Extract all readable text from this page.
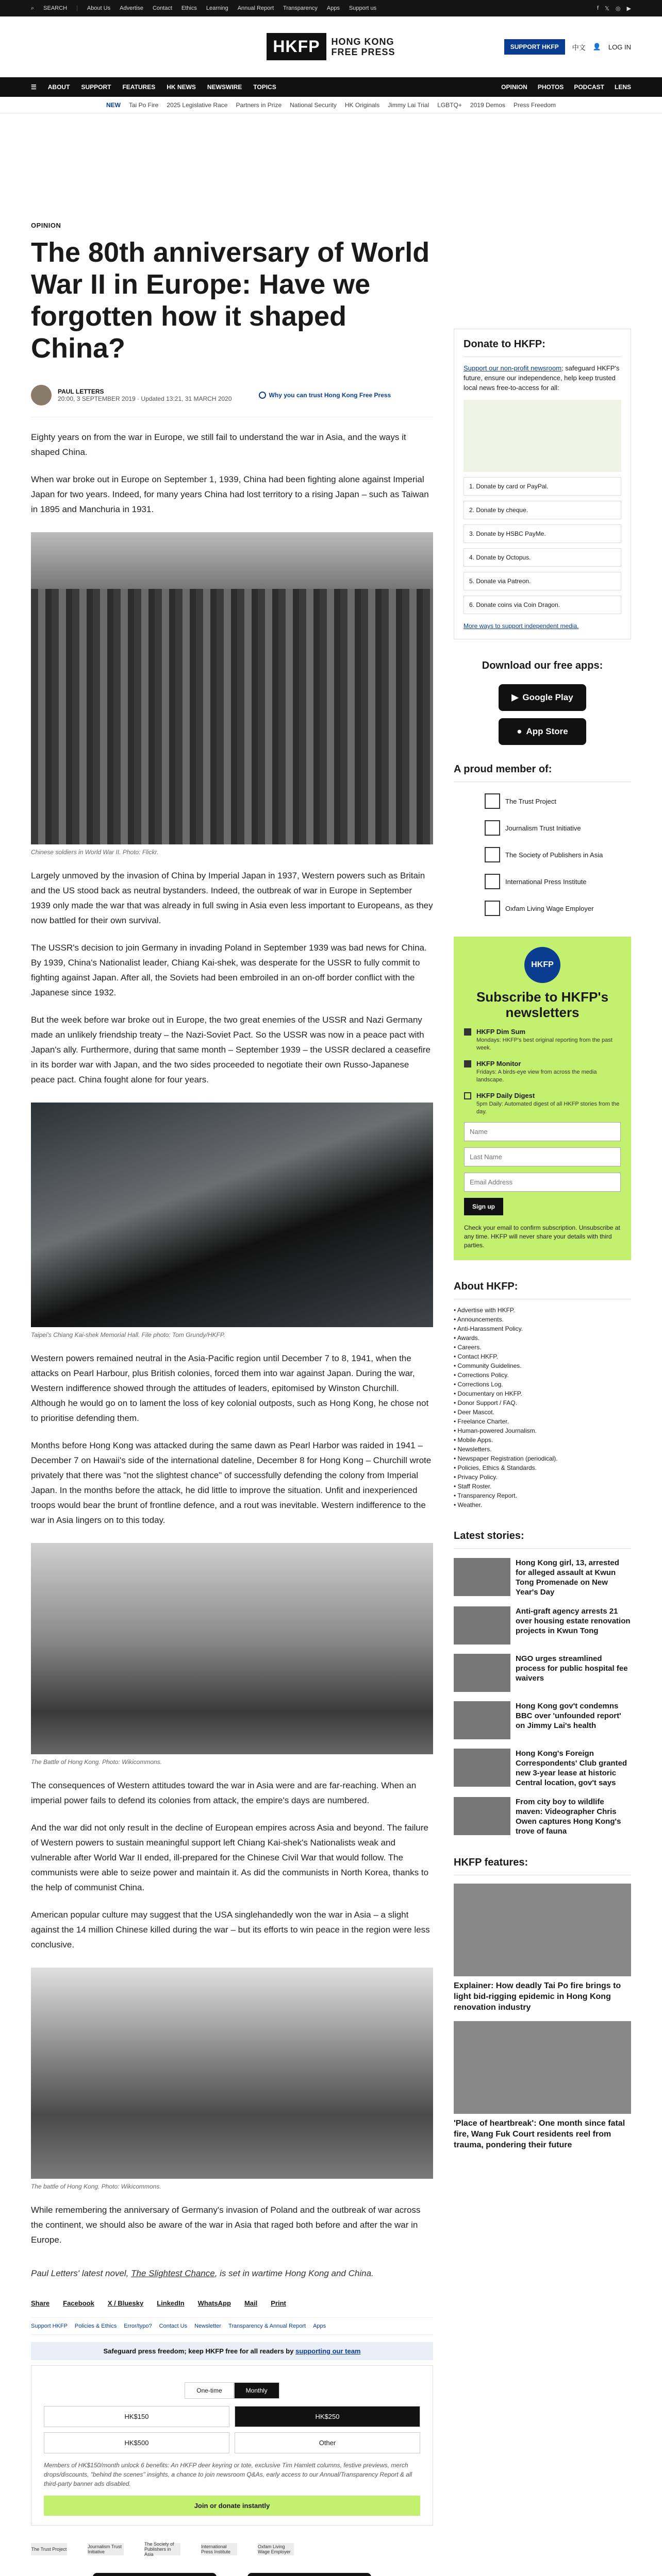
⌕ SEARCH | About Us Advertise Contact Ethics Learning Annual Report Transparency Apps Support us	f 𝕏 ◎ ▶
HKFP	HONG KONG
FREE PRESS	SUPPORT HKFP	中文 👤 LOG IN
☰ ABOUT SUPPORT FEATURES HK NEWS NEWSWIRE TOPICS	OPINION PHOTOS PODCAST LENS
NEW Tai Po Fire 2025 Legislative Race Partners in Prize National Security HK Originals Jimmy Lai Trial LGBTQ+ 2019 Demos Press Freedom
OPINION
The 80th anniversary of World War II in Europe: Have we forgotten how it shaped China?
PAUL LETTERS
20:00, 3 SEPTEMBER 2019 · Updated 13:21, 31 MARCH 2020	Why you can trust Hong Kong Free Press

Eighty years on from the war in Europe, we still fail to understand the war in Asia, and the ways it shaped China.

When war broke out in Europe on September 1, 1939, China had been fighting alone against Imperial Japan for two years. Indeed, for many years China had lost territory to a rising Japan – such as Taiwan in 1895 and Manchuria in 1931.

Chinese soldiers in World War II. Photo: Flickr.

Largely unmoved by the invasion of China by Imperial Japan in 1937, Western powers such as Britain and the US stood back as neutral bystanders. Indeed, the outbreak of war in Europe in September 1939 only made the war that was already in full swing in Asia even less important to Europeans, as they now battled for their own survival.

The USSR's decision to join Germany in invading Poland in September 1939 was bad news for China. By 1939, China's Nationalist leader, Chiang Kai-shek, was desperate for the USSR to fully commit to fighting against Japan. After all, the Soviets had been embroiled in an on-off border conflict with the Japanese since 1932.

But the week before war broke out in Europe, the two great enemies of the USSR and Nazi Germany made an unlikely friendship treaty – the Nazi-Soviet Pact. So the USSR was now in a peace pact with Japan's ally. Furthermore, during that same month – September 1939 – the USSR declared a ceasefire in its border war with Japan, and the two sides proceeded to negotiate their own Russo-Japanese peace pact. China fought alone for four years.

Taipei's Chiang Kai-shek Memorial Hall. File photo: Tom Grundy/HKFP.

Western powers remained neutral in the Asia-Pacific region until December 7 to 8, 1941, when the attacks on Pearl Harbour, plus British colonies, forced them into war against Japan. During the war, Western indifference showed through the attitudes of leaders, epitomised by Winston Churchill. Although he would go on to lament the loss of key colonial outposts, such as Hong Kong, he chose not to prioritise defending them.

Months before Hong Kong was attacked during the same dawn as Pearl Harbor was raided in 1941 – December 7 on Hawaii's side of the international dateline, December 8 for Hong Kong – Churchill wrote privately that there was "not the slightest chance" of successfully defending the colony from Imperial Japan. In the months before the attack, he did little to improve the situation. Unfit and inexperienced troops would bear the brunt of frontline defence, and a rout was inevitable. Western indifference to the war in Asia lingers on to this today.

The Battle of Hong Kong. Photo: Wikicommons.

The consequences of Western attitudes toward the war in Asia were and are far-reaching. When an imperial power fails to defend its colonies from attack, the empire's days are numbered.

And the war did not only result in the decline of European empires across Asia and beyond. The failure of Western powers to sustain meaningful support left Chiang Kai-shek's Nationalists weak and vulnerable after World War II ended, ill-prepared for the Chinese Civil War that would follow. The communists were able to seize power and maintain it. As did the communists in North Korea, thanks to the help of communist China.

American popular culture may suggest that the USA singlehandedly won the war in Asia – a slight against the 14 million Chinese killed during the war – but its efforts to win peace in the region were less conclusive.

The battle of Hong Kong. Photo: Wikicommons.

While remembering the anniversary of Germany's invasion of Poland and the outbreak of war across the continent, we should also be aware of the war in Asia that raged both before and after the war in Europe.

Paul Letters' latest novel, The Slightest Chance, is set in wartime Hong Kong and China.

Share Facebook X / Bluesky LinkedIn WhatsApp Mail Print
Support HKFP Policies & Ethics Error/typo? Contact Us Newsletter Transparency & Annual Report Apps
Safeguard press freedom; keep HKFP free for all readers by supporting our team
One-time	Monthly
HK$150	HK$250
HK$500	Other
Members of HK$150/month unlock 6 benefits: An HKFP deer keyring or tote, exclusive Tim Hamlett columns, festive previews, merch drops/discounts, "behind the scenes" insights, a chance to join newsroom Q&As, early access to our Annual/Transparency Report & all third-party banner ads disabled.
Join or donate instantly
The Trust Project	Journalism Trust Initiative
The Society of Publishers in Asia
International Press Institute
Oxfam Living Wage Employer
Donate to HKFP:
Support our non-profit newsroom; safeguard HKFP's future, ensure our independence, help keep trusted local news free-to-access for all:
1. Donate by card or PayPal.
2. Donate by cheque.
3. Donate by HSBC PayMe.
4. Donate by Octopus.
5. Donate via Patreon.
6. Donate coins via Coin Dragon.
More ways to support independent media.
Download our free apps:
▶ Google Play
● App Store
A proud member of:
The Trust Project
Journalism Trust Initiative
The Society of Publishers in Asia
International Press Institute
Oxfam Living Wage Employer
HKFP
Subscribe to HKFP's newsletters
HKFP Dim Sum

Mondays: HKFP's best original reporting from the past week.

HKFP Monitor

Fridays: A birds-eye view from across the media landscape.

HKFP Daily Digest

5pm Daily: Automated digest of all HKFP stories from the day.

Name Last Name Email Address
Sign up
Check your email to confirm subscription. Unsubscribe at any time. HKFP will never share your details with third parties.
About HKFP:
• Advertise with HKFP.
• Announcements.
• Anti-Harassment Policy.
• Awards.
• Careers.
• Contact HKFP.
• Community Guidelines.
• Corrections Policy.
• Corrections Log.
• Documentary on HKFP.
• Donor Support / FAQ.
• Deer Mascot.
• Freelance Charter.
• Human-powered Journalism.
• Mobile Apps.
• Newsletters.
• Newspaper Registration (periodical).
• Policies, Ethics & Standards.
• Privacy Policy.
• Staff Roster.
• Transparency Report.
• Weather.
Latest stories:
Hong Kong girl, 13, arrested for alleged assault at Kwun Tong Promenade on New Year's Day
Anti-graft agency arrests 21 over housing estate renovation projects in Kwun Tong
NGO urges streamlined process for public hospital fee waivers
Hong Kong gov't condemns BBC over 'unfounded report' on Jimmy Lai's health
Hong Kong's Foreign Correspondents' Club granted new 3-year lease at historic Central location, gov't says
From city boy to wildlife maven: Videographer Chris Owen captures Hong Kong's trove of fauna
HKFP features:
Explainer: How deadly Tai Po fire brings to light bid-rigging epidemic in Hong Kong renovation industry
'Place of heartbreak': One month since fatal fire, Wang Fuk Court residents reel from trauma, pondering their future
